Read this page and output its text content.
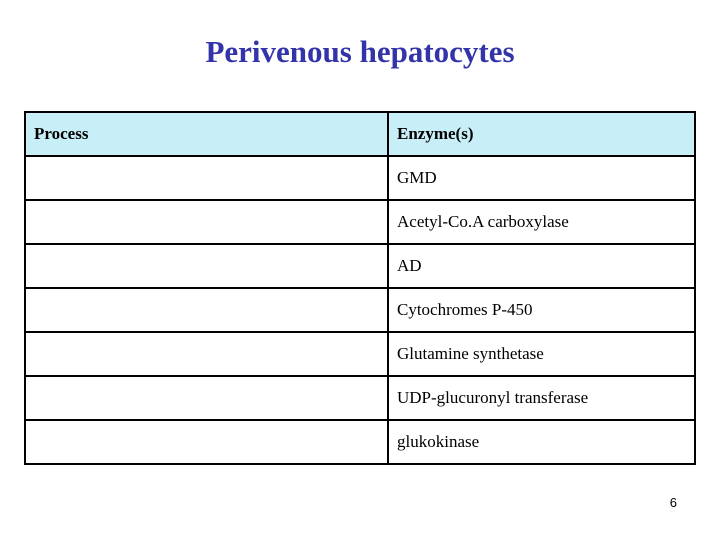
Perivenous hepatocytes
Process	Enzyme(s)
	GMD
	Acetyl-Co.A carboxylase
	AD
	Cytochromes P-450
	Glutamine synthetase
	UDP-glucuronyl transferase
	glukokinase
6
